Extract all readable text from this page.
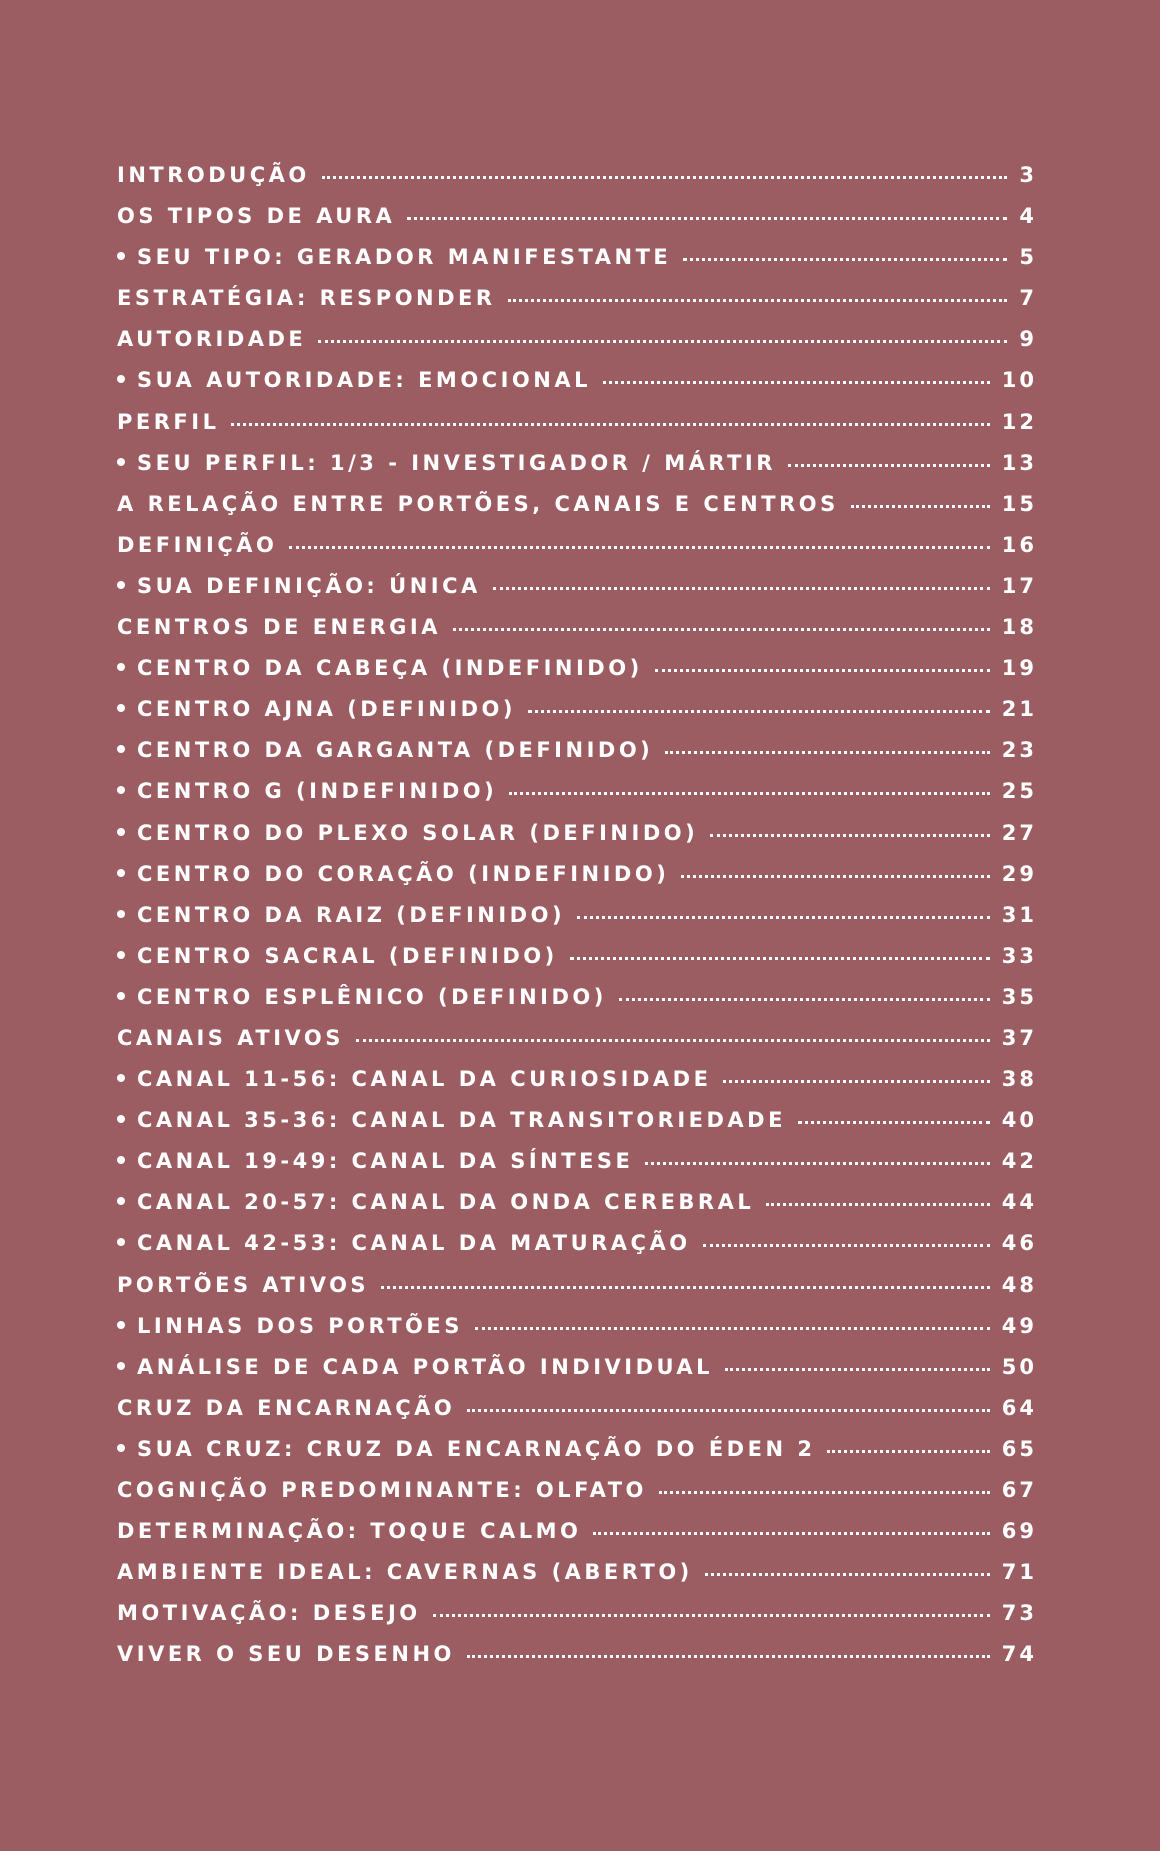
INTRODUÇÃO	3
OS TIPOS DE AURA	4
SEU TIPO: GERADOR MANIFESTANTE	5
ESTRATÉGIA: RESPONDER	7
AUTORIDADE	9
SUA AUTORIDADE: EMOCIONAL	10
PERFIL	12
SEU PERFIL: 1/3 - INVESTIGADOR / MÁRTIR	13
A RELAÇÃO ENTRE PORTÕES, CANAIS E CENTROS	15
DEFINIÇÃO	16
SUA DEFINIÇÃO: ÚNICA	17
CENTROS DE ENERGIA	18
CENTRO DA CABEÇA (INDEFINIDO)	19
CENTRO AJNA (DEFINIDO)	21
CENTRO DA GARGANTA (DEFINIDO)	23
CENTRO G (INDEFINIDO)	25
CENTRO DO PLEXO SOLAR (DEFINIDO)	27
CENTRO DO CORAÇÃO (INDEFINIDO)	29
CENTRO DA RAIZ (DEFINIDO)	31
CENTRO SACRAL (DEFINIDO)	33
CENTRO ESPLÊNICO (DEFINIDO)	35
CANAIS ATIVOS	37
CANAL 11-56: CANAL DA CURIOSIDADE	38
CANAL 35-36: CANAL DA TRANSITORIEDADE	40
CANAL 19-49: CANAL DA SÍNTESE	42
CANAL 20-57: CANAL DA ONDA CEREBRAL	44
CANAL 42-53: CANAL DA MATURAÇÃO	46
PORTÕES ATIVOS	48
LINHAS DOS PORTÕES	49
ANÁLISE DE CADA PORTÃO INDIVIDUAL	50
CRUZ DA ENCARNAÇÃO	64
SUA CRUZ: CRUZ DA ENCARNAÇÃO DO ÉDEN 2	65
COGNIÇÃO PREDOMINANTE: OLFATO	67
DETERMINAÇÃO: TOQUE CALMO	69
AMBIENTE IDEAL: CAVERNAS (ABERTO)	71
MOTIVAÇÃO: DESEJO	73
VIVER O SEU DESENHO	74
